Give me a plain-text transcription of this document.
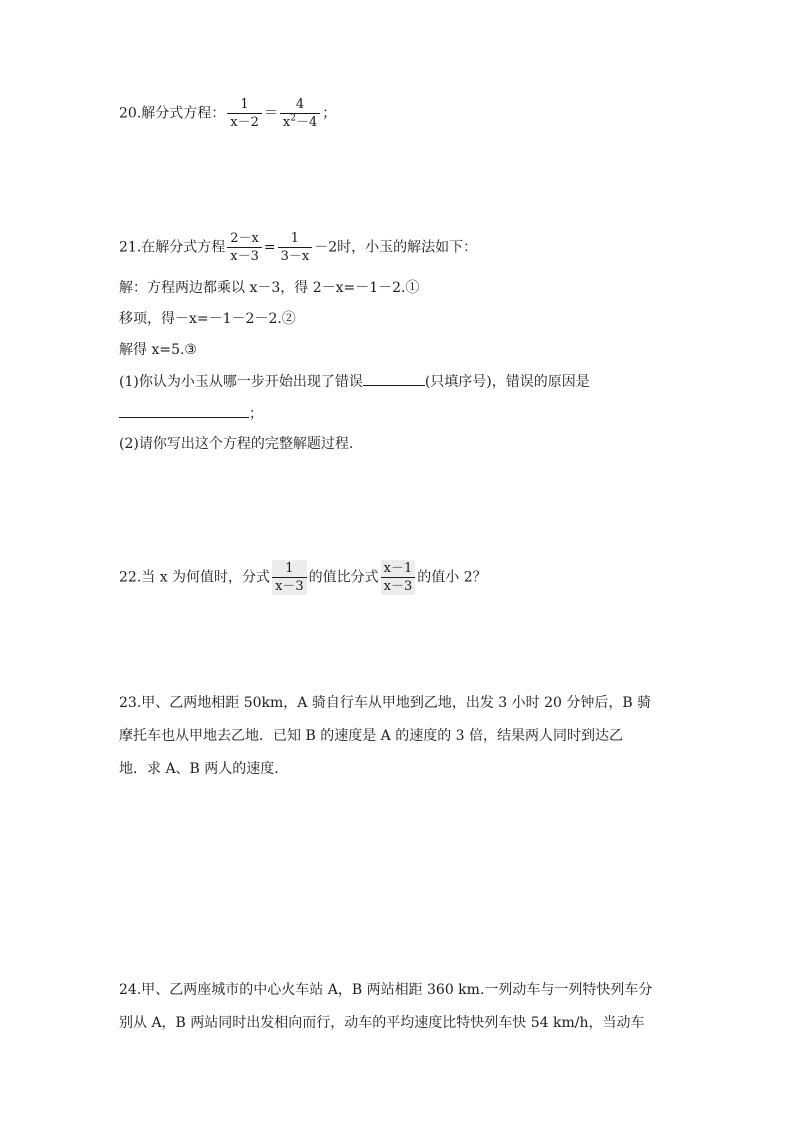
20.解分式方程： $\frac{1}{x-2} = \frac{4}{x^2-4}$ ；
21.在解分式方程 $\frac{2-x}{x-3} = \frac{1}{3-x} -2$时，小玉的解法如下：
解：方程两边都乘以 x－3，得 2－x=－1－2.①
移项，得－x=－1－2－2.②
解得 x=5.③
(1)你认为小玉从哪一步开始出现了错误	(只填序号)，错误的原因是
；
(2)请你写出这个方程的完整解题过程.
22.当 x 为何值时，分式 $\frac{1}{x-3}$ 的值比分式 $\frac{x-1}{x-3}$ 的值小 2？
23.甲、乙两地相距 50km，A 骑自行车从甲地到乙地，出发 3 小时 20 分钟后，B 骑
摩托车也从甲地去乙地．已知 B 的速度是 A 的速度的 3 倍，结果两人同时到达乙
地．求 A、B 两人的速度．
24.甲、乙两座城市的中心火车站 A，B 两站相距 360 km.一列动车与一列特快列车分
别从 A，B 两站同时出发相向而行，动车的平均速度比特快列车快 54 km/h，当动车
